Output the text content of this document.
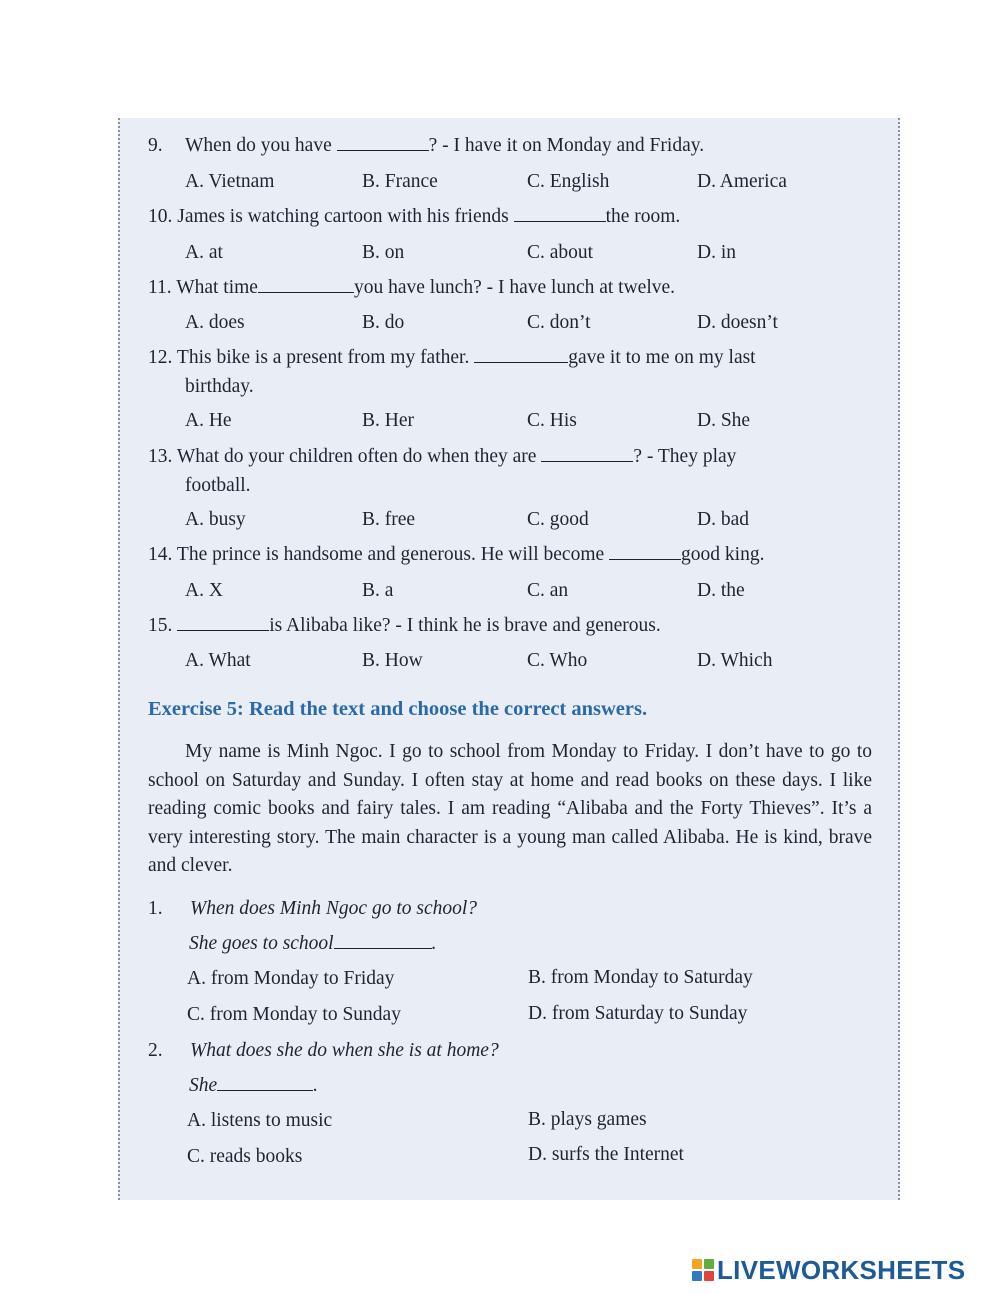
9. When do you have	? - I have it on Monday and Friday.
A. Vietnam	B. France	C. English	D. America
10. James is watching cartoon with his friends	the room.
A. at	B. on	C. about	D. in
11. What time	you have lunch? - I have lunch at twelve.
A. does	B. do	C. don’t	D. doesn’t
12. This bike is a present from my father.	gave it to me on my last
birthday.
A. He	B. Her	C. His	D. She
13. What do your children often do when they are	? - They play
football.
A. busy	B. free	C. good	D. bad
14. The prince is handsome and generous. He will become	good king.
A. X	B. a	C. an	D. the
15.	is Alibaba like? - I think he is brave and generous.
A. What	B. How	C. Who	D. Which
Exercise 5: Read the text and choose the correct answers.
My name is Minh Ngoc. I go to school from Monday to Friday. I don’t have to go to school on Saturday and Sunday. I often stay at home and read books on these days. I like reading comic books and fairy tales. I am reading “Alibaba and the Forty Thieves”. It’s a very interesting story. The main character is a young man called Alibaba. He is kind, brave and clever.
1. When does Minh Ngoc go to school?
She goes to school	.
A. from Monday to Friday	B. from Monday to Saturday
C. from Monday to Sunday	D. from Saturday to Sunday
2. What does she do when she is at home?
She	.
A. listens to music	B. plays games
C. reads books	D. surfs the Internet
LIVEWORKSHEETS
